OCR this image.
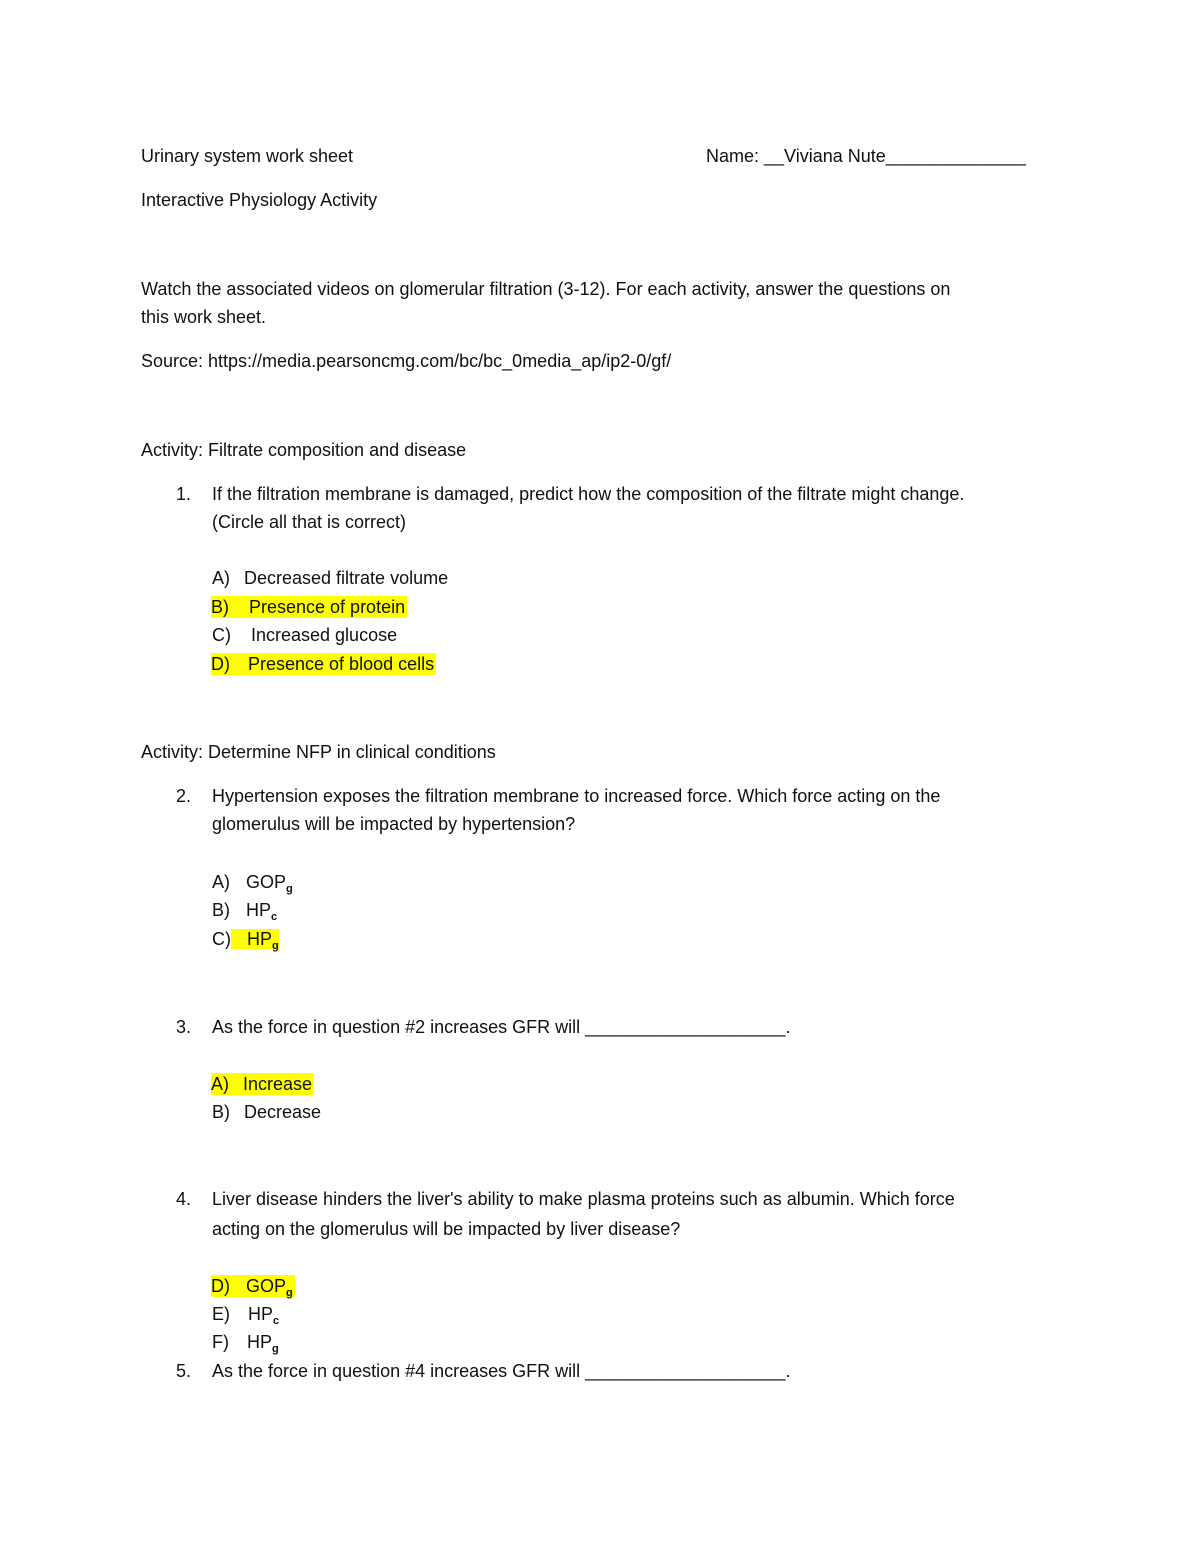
Urinary system work sheet	Name: __Viviana Nute______________
Interactive Physiology Activity
Watch the associated videos on glomerular filtration (3-12). For each activity, answer the questions on
this work sheet.
Source: https://media.pearsoncmg.com/bc/bc_0media_ap/ip2-0/gf/
Activity: Filtrate composition and disease
1. If the filtration membrane is damaged, predict how the composition of the filtrate might change.
(Circle all that is correct)
A) Decreased filtrate volume
B) Presence of protein
C) Increased glucose
D) Presence of blood cells
Activity: Determine NFP in clinical conditions
2. Hypertension exposes the filtration membrane to increased force. Which force acting on the
glomerulus will be impacted by hypertension?
A) $GOP_g$
B) $HP_c$
C) $HP_g$
3. As the force in question #2 increases GFR will ____________________.
A) Increase
B) Decrease
4. Liver disease hinders the liver's ability to make plasma proteins such as albumin. Which force
acting on the glomerulus will be impacted by liver disease?
D) $GOP_g$
E) $HP_c$
F) $HP_g$
5. As the force in question #4 increases GFR will ____________________.
